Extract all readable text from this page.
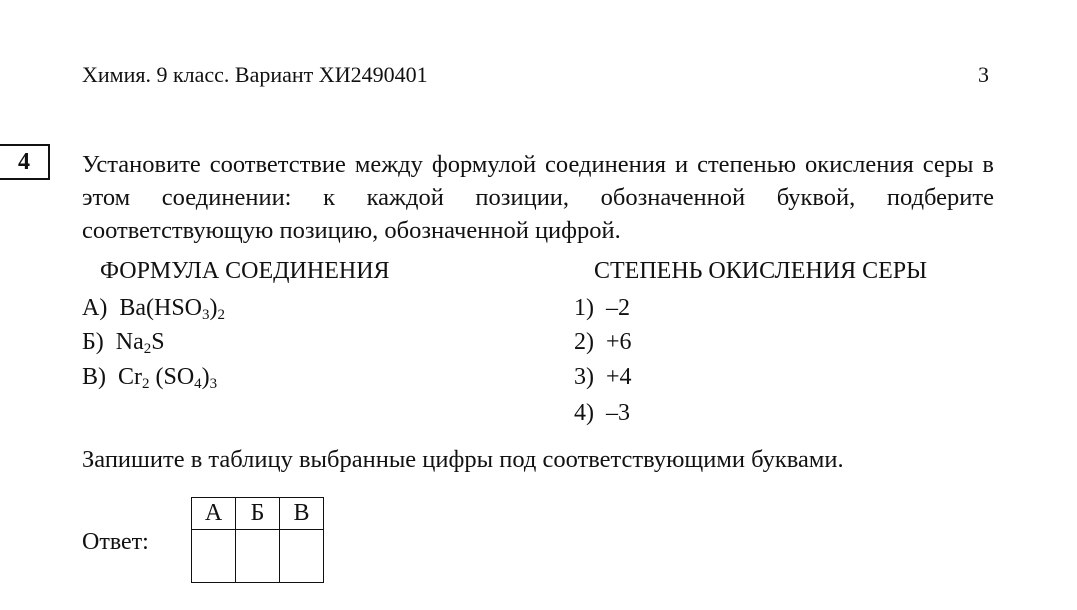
Химия. 9 класс. Вариант ХИ2490401	3
4	Установите соответствие между формулой соединения и степенью окисления серы в этом соединении: к каждой позиции, обозначенной буквой, подберите соответствующую позицию, обозначенной цифрой.
ФОРМУЛА СОЕДИНЕНИЯ	СТЕПЕНЬ ОКИСЛЕНИЯ СЕРЫ
А) $Ba(HSO_3)_2$
Б) $Na_2S$
В) $Cr_2$ $(SO_4)_3$
1) –2
2) +6
3) +4
4) –3
Запишите в таблицу выбранные цифры под соответствующими буквами.
Ответ:
А	Б	В
